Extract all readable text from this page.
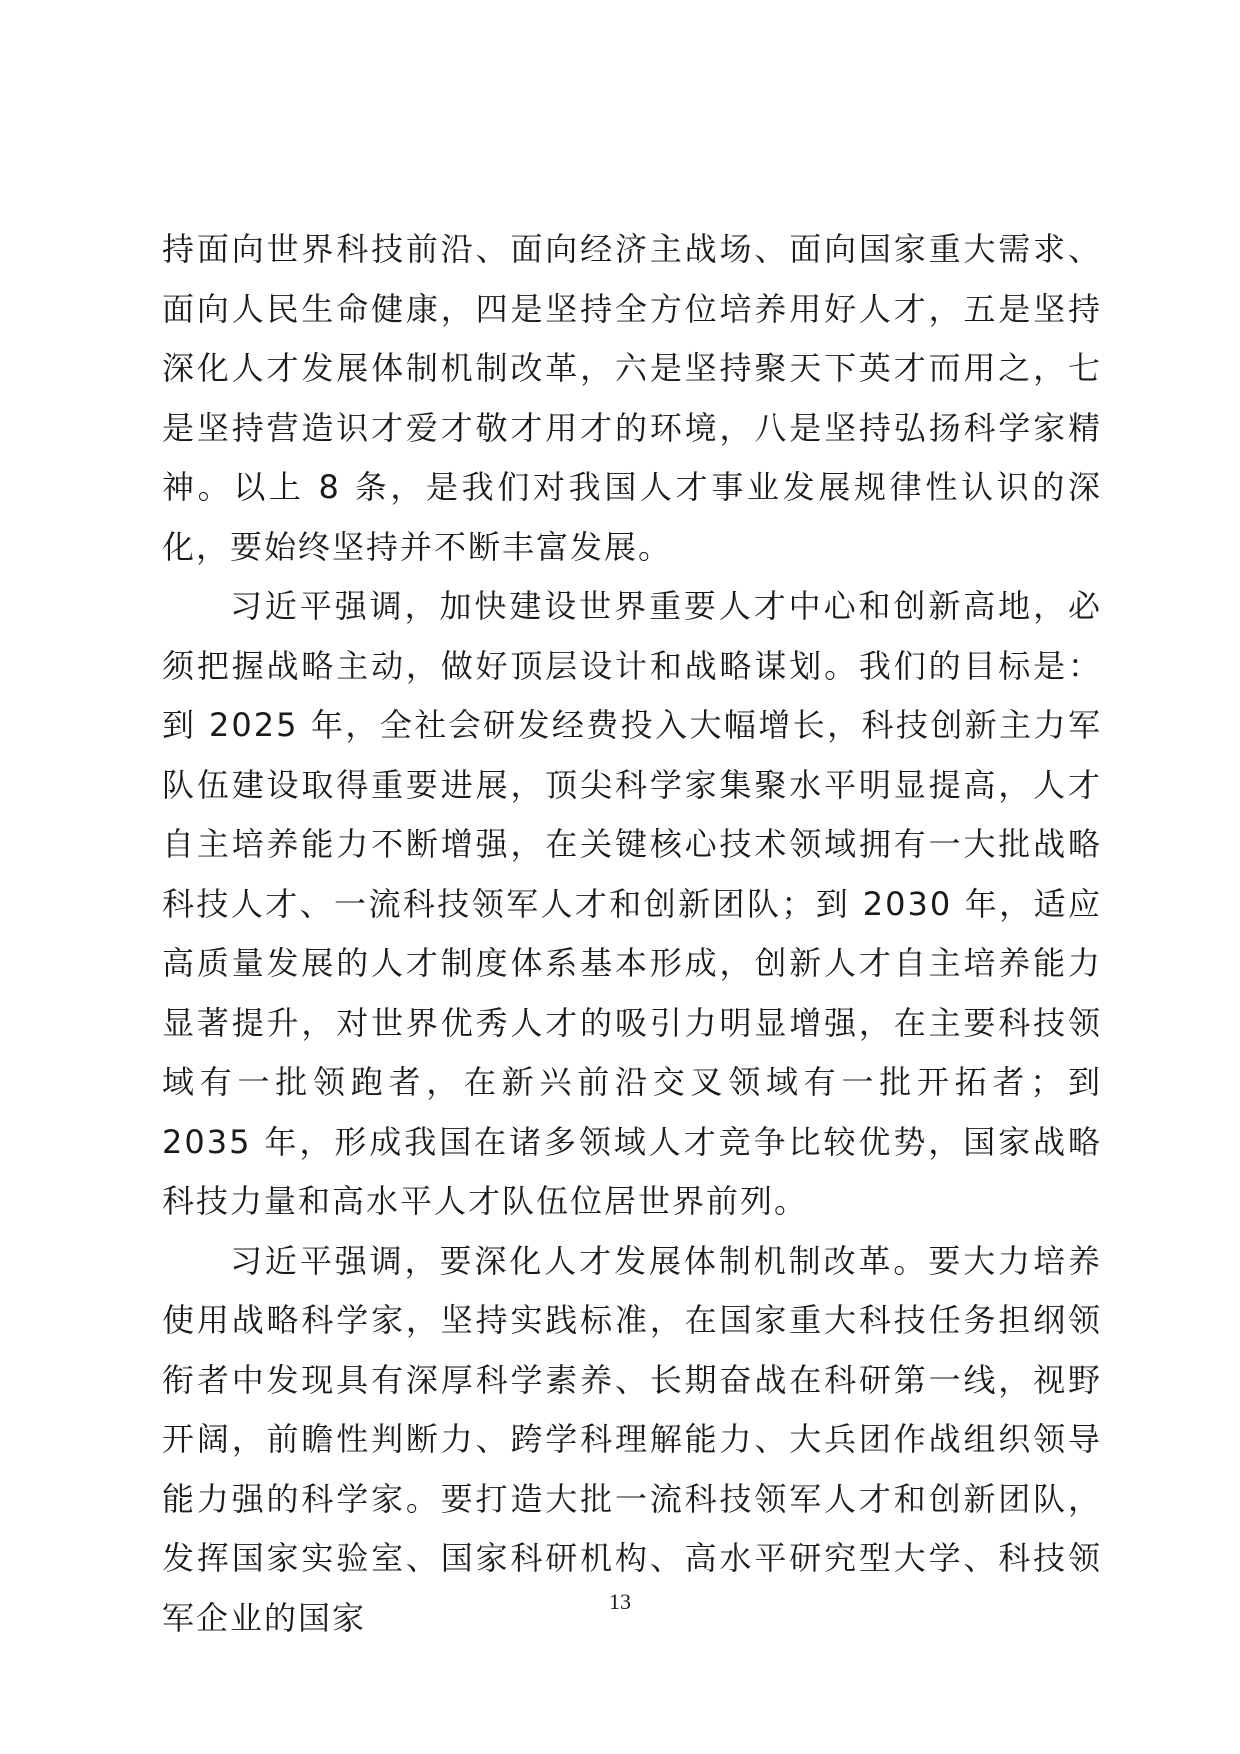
持面向世界科技前沿、面向经济主战场、面向国家重大需求、面向人民生命健康，四是坚持全方位培养用好人才，五是坚持深化人才发展体制机制改革，六是坚持聚天下英才而用之，七是坚持营造识才爱才敬才用才的环境，八是坚持弘扬科学家精神。以上 8 条，是我们对我国人才事业发展规律性认识的深化，要始终坚持并不断丰富发展。

习近平强调，加快建设世界重要人才中心和创新高地，必须把握战略主动，做好顶层设计和战略谋划。我们的目标是：到 2025 年，全社会研发经费投入大幅增长，科技创新主力军队伍建设取得重要进展，顶尖科学家集聚水平明显提高，人才自主培养能力不断增强，在关键核心技术领域拥有一大批战略科技人才、一流科技领军人才和创新团队；到 2030 年，适应高质量发展的人才制度体系基本形成，创新人才自主培养能力显著提升，对世界优秀人才的吸引力明显增强，在主要科技领域有一批领跑者，在新兴前沿交叉领域有一批开拓者；到 2035 年，形成我国在诸多领域人才竞争比较优势，国家战略科技力量和高水平人才队伍位居世界前列。

习近平强调，要深化人才发展体制机制改革。要大力培养使用战略科学家，坚持实践标准，在国家重大科技任务担纲领衔者中发现具有深厚科学素养、长期奋战在科研第一线，视野开阔，前瞻性判断力、跨学科理解能力、大兵团作战组织领导能力强的科学家。要打造大批一流科技领军人才和创新团队，发挥国家实验室、国家科研机构、高水平研究型大学、科技领军企业的国家	13
